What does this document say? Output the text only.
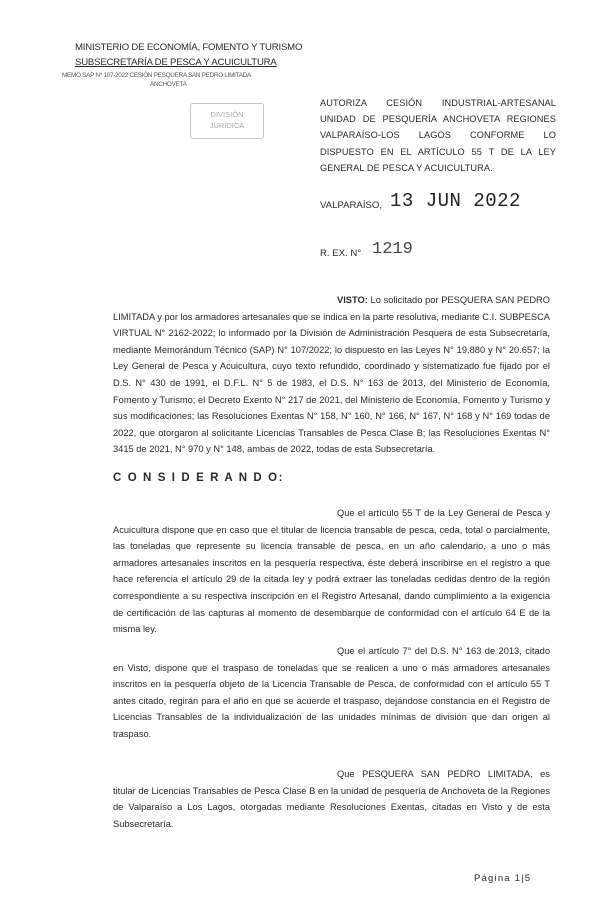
MINISTERIO DE ECONOMÍA, FOMENTO Y TURISMO
SUBSECRETARÍA DE PESCA Y ACUICULTURA
MEMO SAP N° 107-2022 CESIÓN PESQUERA SAN PEDRO LIMITADA
ANCHOVETA
DIVISIÓN
JURÍDICA
AUTORIZA CESIÓN INDUSTRIAL-ARTESANAL UNIDAD DE PESQUERÍA ANCHOVETA REGIONES VALPARAÍSO-LOS LAGOS CONFORME LO DISPUESTO EN EL ARTÍCULO 55 T DE LA LEY GENERAL DE PESCA Y ACUICULTURA.
VALPARAÍSO, 13 JUN 2022
R. EX. N° 1219

VISTO: Lo solicitado por PESQUERA SAN PEDRO LIMITADA y por los armadores artesanales que se indica en la parte resolutiva, mediante C.I. SUBPESCA VIRTUAL N° 2162-2022; lo informado por la División de Administración Pesquera de esta Subsecretaría, mediante Memorándum Técnico (SAP) N° 107/2022; lo dispuesto en las Leyes N° 19.880 y N° 20.657; la Ley General de Pesca y Acuicultura, cuyo texto refundido, coordinado y sistematizado fue fijado por el D.S. N° 430 de 1991, el D.F.L. N° 5 de 1983, el D.S. N° 163 de 2013, del Ministerio de Economía, Fomento y Turismo; el Decreto Exento N° 217 de 2021, del Ministerio de Economía, Fomento y Turismo y sus modificaciones; las Resoluciones Exentas N° 158, N° 160, N° 166, N° 167, N° 168 y N° 169 todas de 2022, que otorgaron al solicitante Licencias Transables de Pesca Clase B; las Resoluciones Exentas N° 3415 de 2021, N° 970 y N° 148, ambas de 2022, todas de esta Subsecretaría.

C O N S I D E R A N D O:

Que el artículo 55 T de la Ley General de Pesca y Acuicultura dispone que en caso que el titular de licencia transable de pesca, ceda, total o parcialmente, las toneladas que represente su licencia transable de pesca, en un año calendario, a uno o más armadores artesanales inscritos en la pesquería respectiva, éste deberá inscribirse en el registro a que hace referencia el artículo 29 de la citada ley y podrá extraer las toneladas cedidas dentro de la región correspondiente a su respectiva inscripción en el Registro Artesanal, dando cumplimiento a la exigencia de certificación de las capturas al momento de desembarque de conformidad con el artículo 64 E de la misma ley.

Que el artículo 7° del D.S. N° 163 de 2013, citado en Visto, dispone que el traspaso de toneladas que se realicen a uno o más armadores artesanales inscritos en la pesquería objeto de la Licencia Transable de Pesca, de conformidad con el artículo 55 T antes citado, regirán para el año en que se acuerde el traspaso, dejándose constancia en el Registro de Licencias Transables de la individualización de las unidades mínimas de división que dan origen al traspaso.

Que PESQUERA SAN PEDRO LIMITADA, es titular de Licencias Transables de Pesca Clase B en la unidad de pesquería de Anchoveta de la Regiones de Valparaíso a Los Lagos, otorgadas mediante Resoluciones Exentas, citadas en Visto y de esta Subsecretaría.

Página 1|5
